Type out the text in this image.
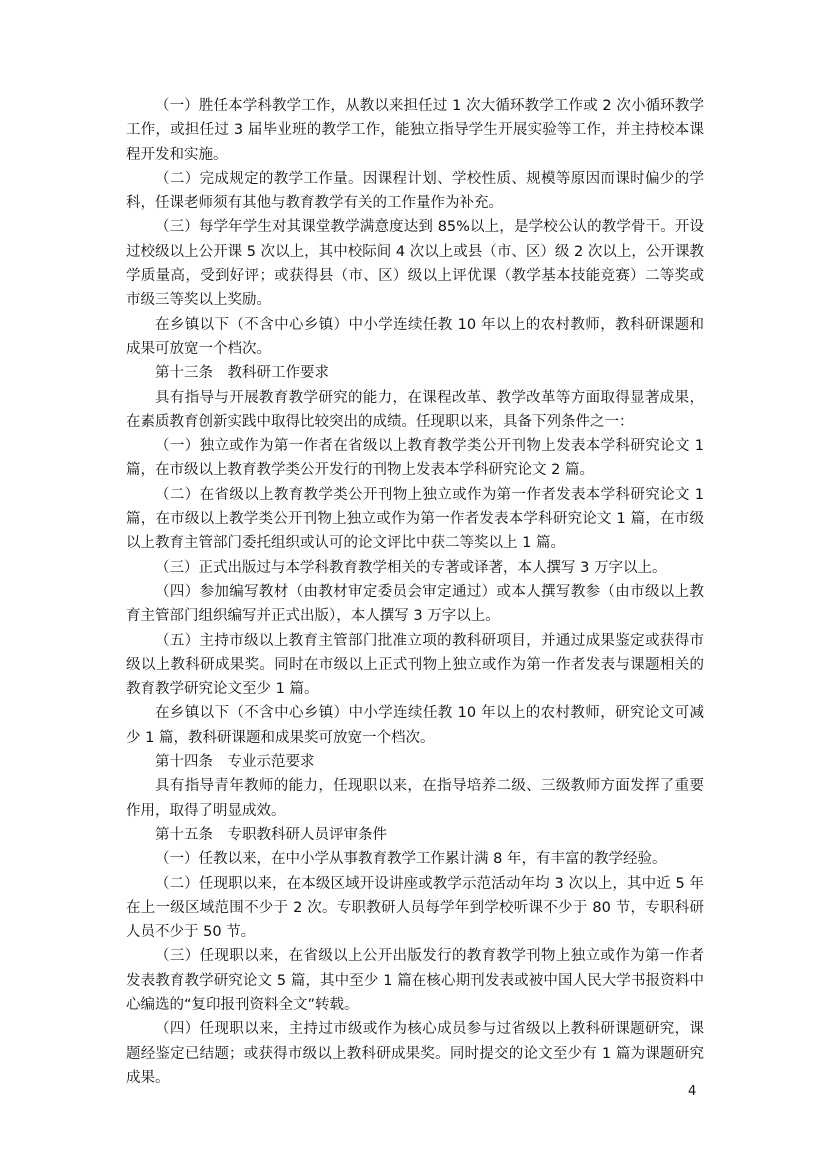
（一）胜任本学科教学工作，从教以来担任过 1 次大循环教学工作或 2 次小循环教学工作，或担任过 3 届毕业班的教学工作，能独立指导学生开展实验等工作，并主持校本课程开发和实施。

（二）完成规定的教学工作量。因课程计划、学校性质、规模等原因而课时偏少的学科，任课老师须有其他与教育教学有关的工作量作为补充。

（三）每学年学生对其课堂教学满意度达到 85%以上，是学校公认的教学骨干。开设过校级以上公开课 5 次以上，其中校际间 4 次以上或县（市、区）级 2 次以上，公开课教学质量高，受到好评；或获得县（市、区）级以上评优课（教学基本技能竞赛）二等奖或市级三等奖以上奖励。

在乡镇以下（不含中心乡镇）中小学连续任教 10 年以上的农村教师，教科研课题和成果可放宽一个档次。

第十三条　教科研工作要求

具有指导与开展教育教学研究的能力，在课程改革、教学改革等方面取得显著成果，在素质教育创新实践中取得比较突出的成绩。任现职以来，具备下列条件之一：

（一）独立或作为第一作者在省级以上教育教学类公开刊物上发表本学科研究论文 1 篇，在市级以上教育教学类公开发行的刊物上发表本学科研究论文 2 篇。

（二）在省级以上教育教学类公开刊物上独立或作为第一作者发表本学科研究论文 1 篇，在市级以上教学类公开刊物上独立或作为第一作者发表本学科研究论文 1 篇，在市级以上教育主管部门委托组织或认可的论文评比中获二等奖以上 1 篇。

（三）正式出版过与本学科教育教学相关的专著或译著，本人撰写 3 万字以上。

（四）参加编写教材（由教材审定委员会审定通过）或本人撰写教参（由市级以上教育主管部门组织编写并正式出版），本人撰写 3 万字以上。

（五）主持市级以上教育主管部门批准立项的教科研项目，并通过成果鉴定或获得市级以上教科研成果奖。同时在市级以上正式刊物上独立或作为第一作者发表与课题相关的教育教学研究论文至少 1 篇。

在乡镇以下（不含中心乡镇）中小学连续任教 10 年以上的农村教师，研究论文可减少 1 篇，教科研课题和成果奖可放宽一个档次。

第十四条　专业示范要求

具有指导青年教师的能力，任现职以来，在指导培养二级、三级教师方面发挥了重要作用，取得了明显成效。

第十五条　专职教科研人员评审条件

（一）任教以来，在中小学从事教育教学工作累计满 8 年，有丰富的教学经验。

（二）任现职以来，在本级区域开设讲座或教学示范活动年均 3 次以上，其中近 5 年在上一级区域范围不少于 2 次。专职教研人员每学年到学校听课不少于 80 节，专职科研人员不少于 50 节。

（三）任现职以来，在省级以上公开出版发行的教育教学刊物上独立或作为第一作者发表教育教学研究论文 5 篇，其中至少 1 篇在核心期刊发表或被中国人民大学书报资料中心编选的“复印报刊资料全文”转载。

（四）任现职以来，主持过市级或作为核心成员参与过省级以上教科研课题研究，课题经鉴定已结题；或获得市级以上教科研成果奖。同时提交的论文至少有 1 篇为课题研究成果。

4
